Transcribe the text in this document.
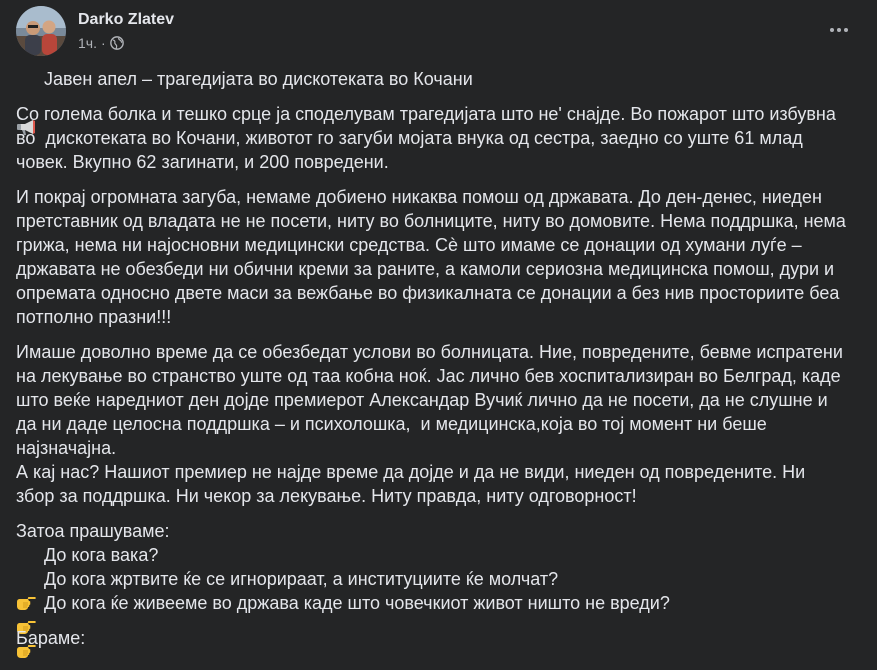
Darko Zlatev
1ч. ·

Јавен апел – трагедијата во дискотеката во Кочани

Со голема болка и тешко срце ја споделувам трагедијата што не' снајде. Во пожарот што избувна во  дискотеката во Кочани, животот го загуби мојата внука од сестра, заедно со уште 61 млад човек. Вкупно 62 загинати, и 200 повредени.

И покрај огромната загуба, немаме добиено никаква помош од државата. До ден-денес, ниеден претставник од владата не не посети, ниту во болниците, ниту во домовите. Нема поддршка, нема грижа, нема ни најосновни медицински средства. Сè што имаме се донации од хумани луѓе – државата не обезбеди ни обични креми за раните, а камоли сериозна медицинска помош, дури и опремата односно двете маси за вежбање во физикалната се донации а без нив просториите беа потполно празни!!!

Имаше доволно време да се обезбедат услови во болницата. Ние, повредените, бевме испратени на лекување во странство уште од таа кобна ноќ. Јас лично бев хоспитализиран во Белград, каде што веќе наредниот ден дојде премиерот Александар Вучиќ лично да не посети, да не слушне и да ни даде целосна поддршка – и психолошка,  и медицинска,која во тој момент ни беше најзначајна.
А кај нас? Нашиот премиер не најде време да дојде и да не види, ниеден од повредените. Ни збор за поддршка. Ни чекор за лекување. Ниту правда, ниту одговорност!

Затоа прашуваме:

До кога вака?

До кога жртвите ќе се игнорираат, а институциите ќе молчат?

До кога ќе живееме во држава каде што човечкиот живот ништо не вреди?

Бараме:
